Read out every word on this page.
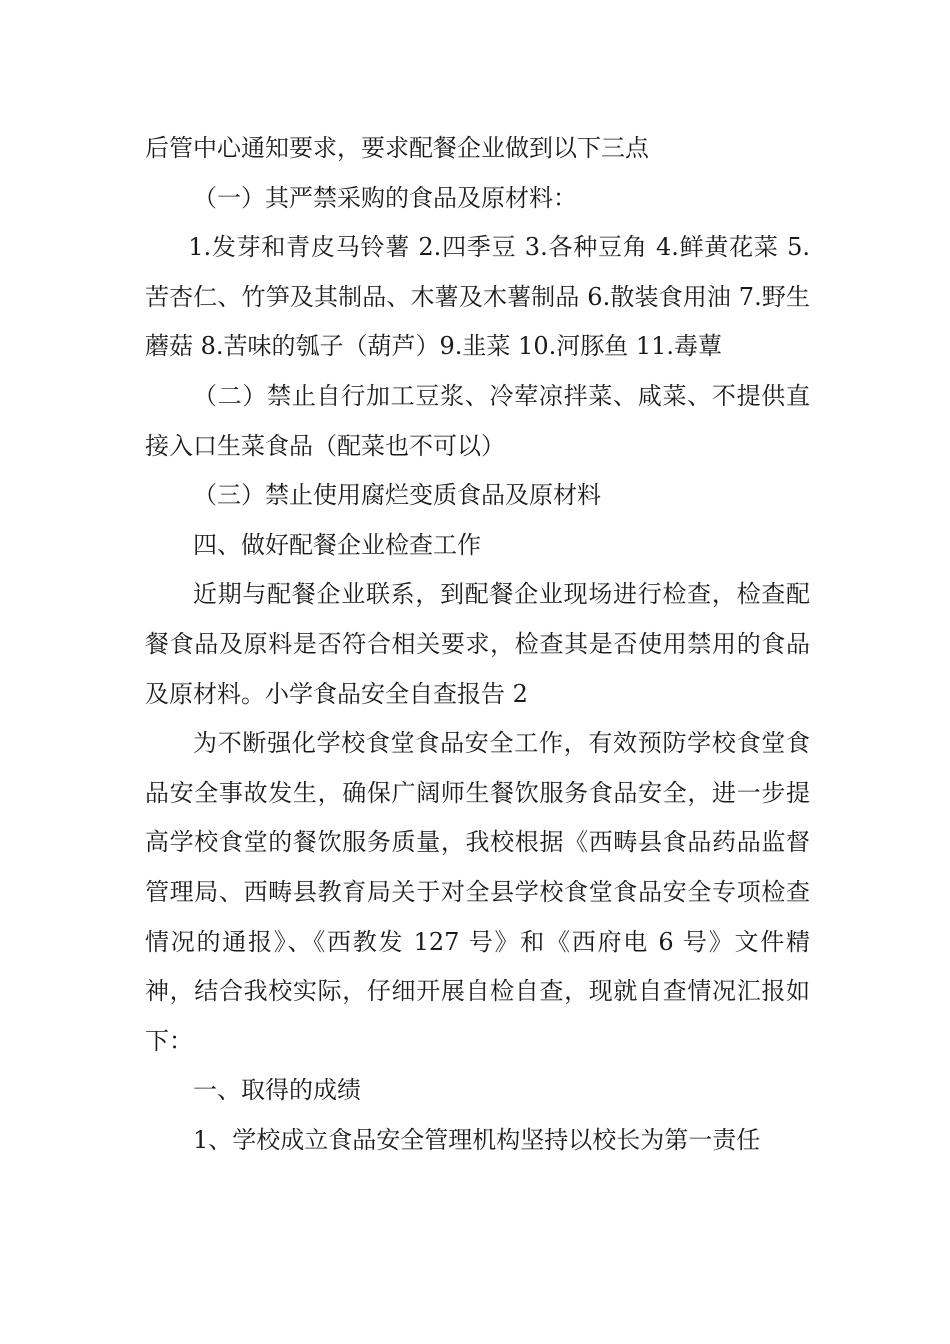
后管中心通知要求，要求配餐企业做到以下三点

（一）其严禁采购的食品及原材料：

1.发芽和青皮马铃薯 2.四季豆 3.各种豆角 4.鲜黄花菜 5.苦杏仁、竹笋及其制品、木薯及木薯制品 6.散装食用油 7.野生蘑菇 8.苦味的瓠子（葫芦）9.韭菜 10.河豚鱼 11.毒蕈

（二）禁止自行加工豆浆、冷荤凉拌菜、咸菜、不提供直接入口生菜食品（配菜也不可以）

（三）禁止使用腐烂变质食品及原材料

四、做好配餐企业检查工作

近期与配餐企业联系，到配餐企业现场进行检查，检查配餐食品及原料是否符合相关要求，检查其是否使用禁用的食品及原材料。小学食品安全自查报告 2

为不断强化学校食堂食品安全工作，有效预防学校食堂食品安全事故发生，确保广阔师生餐饮服务食品安全，进一步提高学校食堂的餐饮服务质量，我校根据《西畴县食品药品监督管理局、西畴县教育局关于对全县学校食堂食品安全专项检查情况的通报》、《西教发 127 号》和《西府电 6 号》文件精神，结合我校实际，仔细开展自检自查，现就自查情况汇报如下：

一、取得的成绩

1、学校成立食品安全管理机构坚持以校长为第一责任
